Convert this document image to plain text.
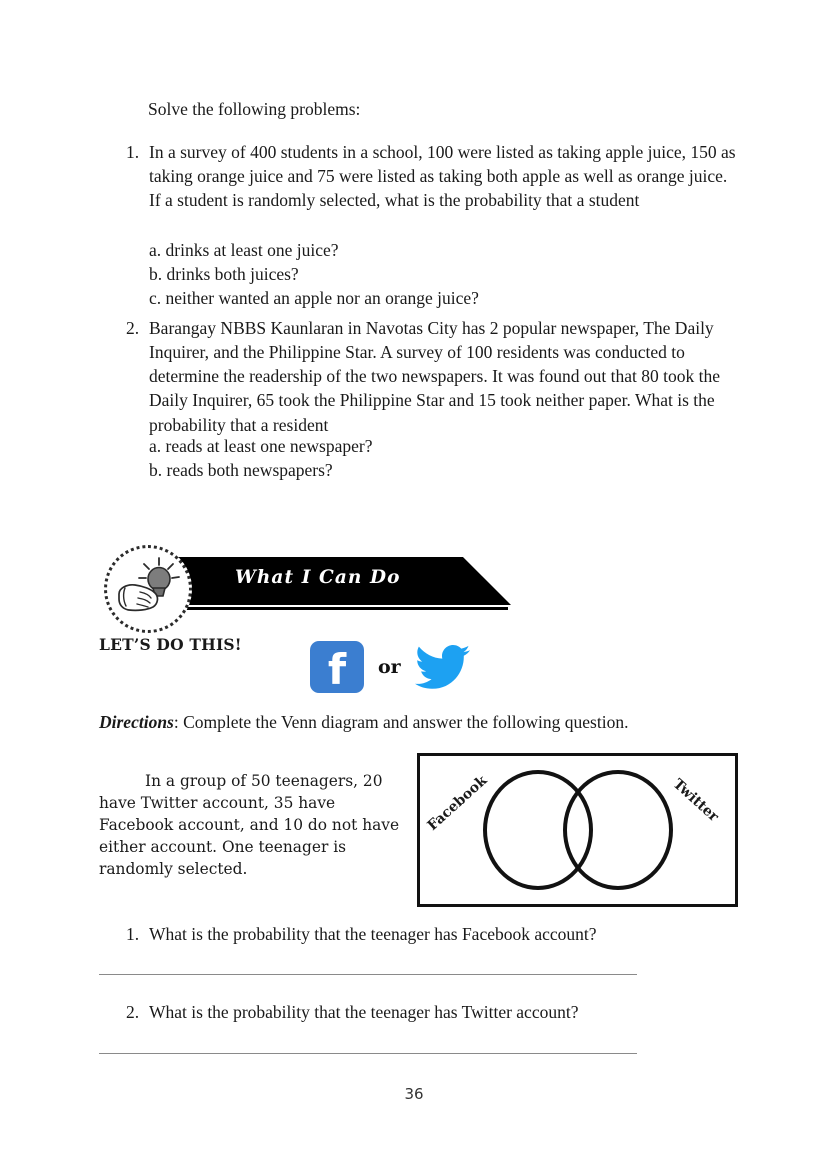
Solve the following problems:
1. In a survey of 400 students in a school, 100 were listed as taking apple juice, 150 as taking orange juice and 75 were listed as taking both apple as well as orange juice. If a student is randomly selected, what is the probability that a student
a. drinks at least one juice?
b. drinks both juices?
c. neither wanted an apple nor an orange juice?
2. Barangay NBBS Kaunlaran in Navotas City has 2 popular newspaper, The Daily Inquirer, and the Philippine Star. A survey of 100 residents was conducted to determine the readership of the two newspapers. It was found out that 80 took the Daily Inquirer, 65 took the Philippine Star and 15 took neither paper. What is the probability that a resident
a. reads at least one newspaper?
b. reads both newspapers?
What I Can Do
LET’S DO THIS!
f	or
Directions: Complete the Venn diagram and answer the following question.
In a group of 50 teenagers, 20 have Twitter account, 35 have Facebook account, and 10 do not have either account. One teenager is randomly selected.
Facebook	Twitter
1. What is the probability that the teenager has Facebook account?
2. What is the probability that the teenager has Twitter account?
36
